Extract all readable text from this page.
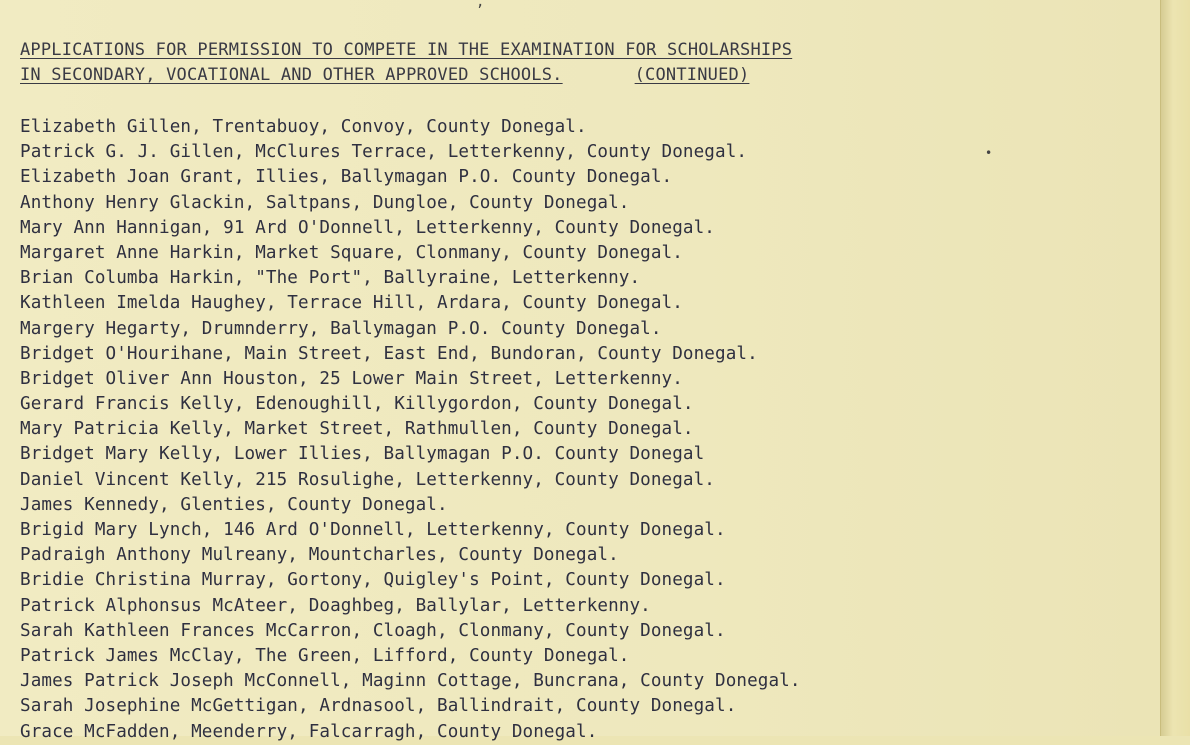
,
•
APPLICATIONS FOR PERMISSION TO COMPETE IN THE EXAMINATION FOR SCHOLARSHIPS
IN SECONDARY, VOCATIONAL AND OTHER APPROVED SCHOOLS.	(CONTINUED)
Elizabeth Gillen, Trentabuoy, Convoy, County Donegal.
Patrick G. J. Gillen, McClures Terrace, Letterkenny, County Donegal.
Elizabeth Joan Grant, Illies, Ballymagan P.O. County Donegal.
Anthony Henry Glackin, Saltpans, Dungloe, County Donegal.
Mary Ann Hannigan, 91 Ard O'Donnell, Letterkenny, County Donegal.
Margaret Anne Harkin, Market Square, Clonmany, County Donegal.
Brian Columba Harkin, "The Port", Ballyraine, Letterkenny.
Kathleen Imelda Haughey, Terrace Hill, Ardara, County Donegal.
Margery Hegarty, Drumnderry, Ballymagan P.O. County Donegal.
Bridget O'Hourihane, Main Street, East End, Bundoran, County Donegal.
Bridget Oliver Ann Houston, 25 Lower Main Street, Letterkenny.
Gerard Francis Kelly, Edenoughill, Killygordon, County Donegal.
Mary Patricia Kelly, Market Street, Rathmullen, County Donegal.
Bridget Mary Kelly, Lower Illies, Ballymagan P.O. County Donegal
Daniel Vincent Kelly, 215 Rosulighe, Letterkenny, County Donegal.
James Kennedy, Glenties, County Donegal.
Brigid Mary Lynch, 146 Ard O'Donnell, Letterkenny, County Donegal.
Padraigh Anthony Mulreany, Mountcharles, County Donegal.
Bridie Christina Murray, Gortony, Quigley's Point, County Donegal.
Patrick Alphonsus McAteer, Doaghbeg, Ballylar, Letterkenny.
Sarah Kathleen Frances McCarron, Cloagh, Clonmany, County Donegal.
Patrick James McClay, The Green, Lifford, County Donegal.
James Patrick Joseph McConnell, Maginn Cottage, Buncrana, County Donegal.
Sarah Josephine McGettigan, Ardnasool, Ballindrait, County Donegal.
Grace McFadden, Meenderry, Falcarragh, County Donegal.
